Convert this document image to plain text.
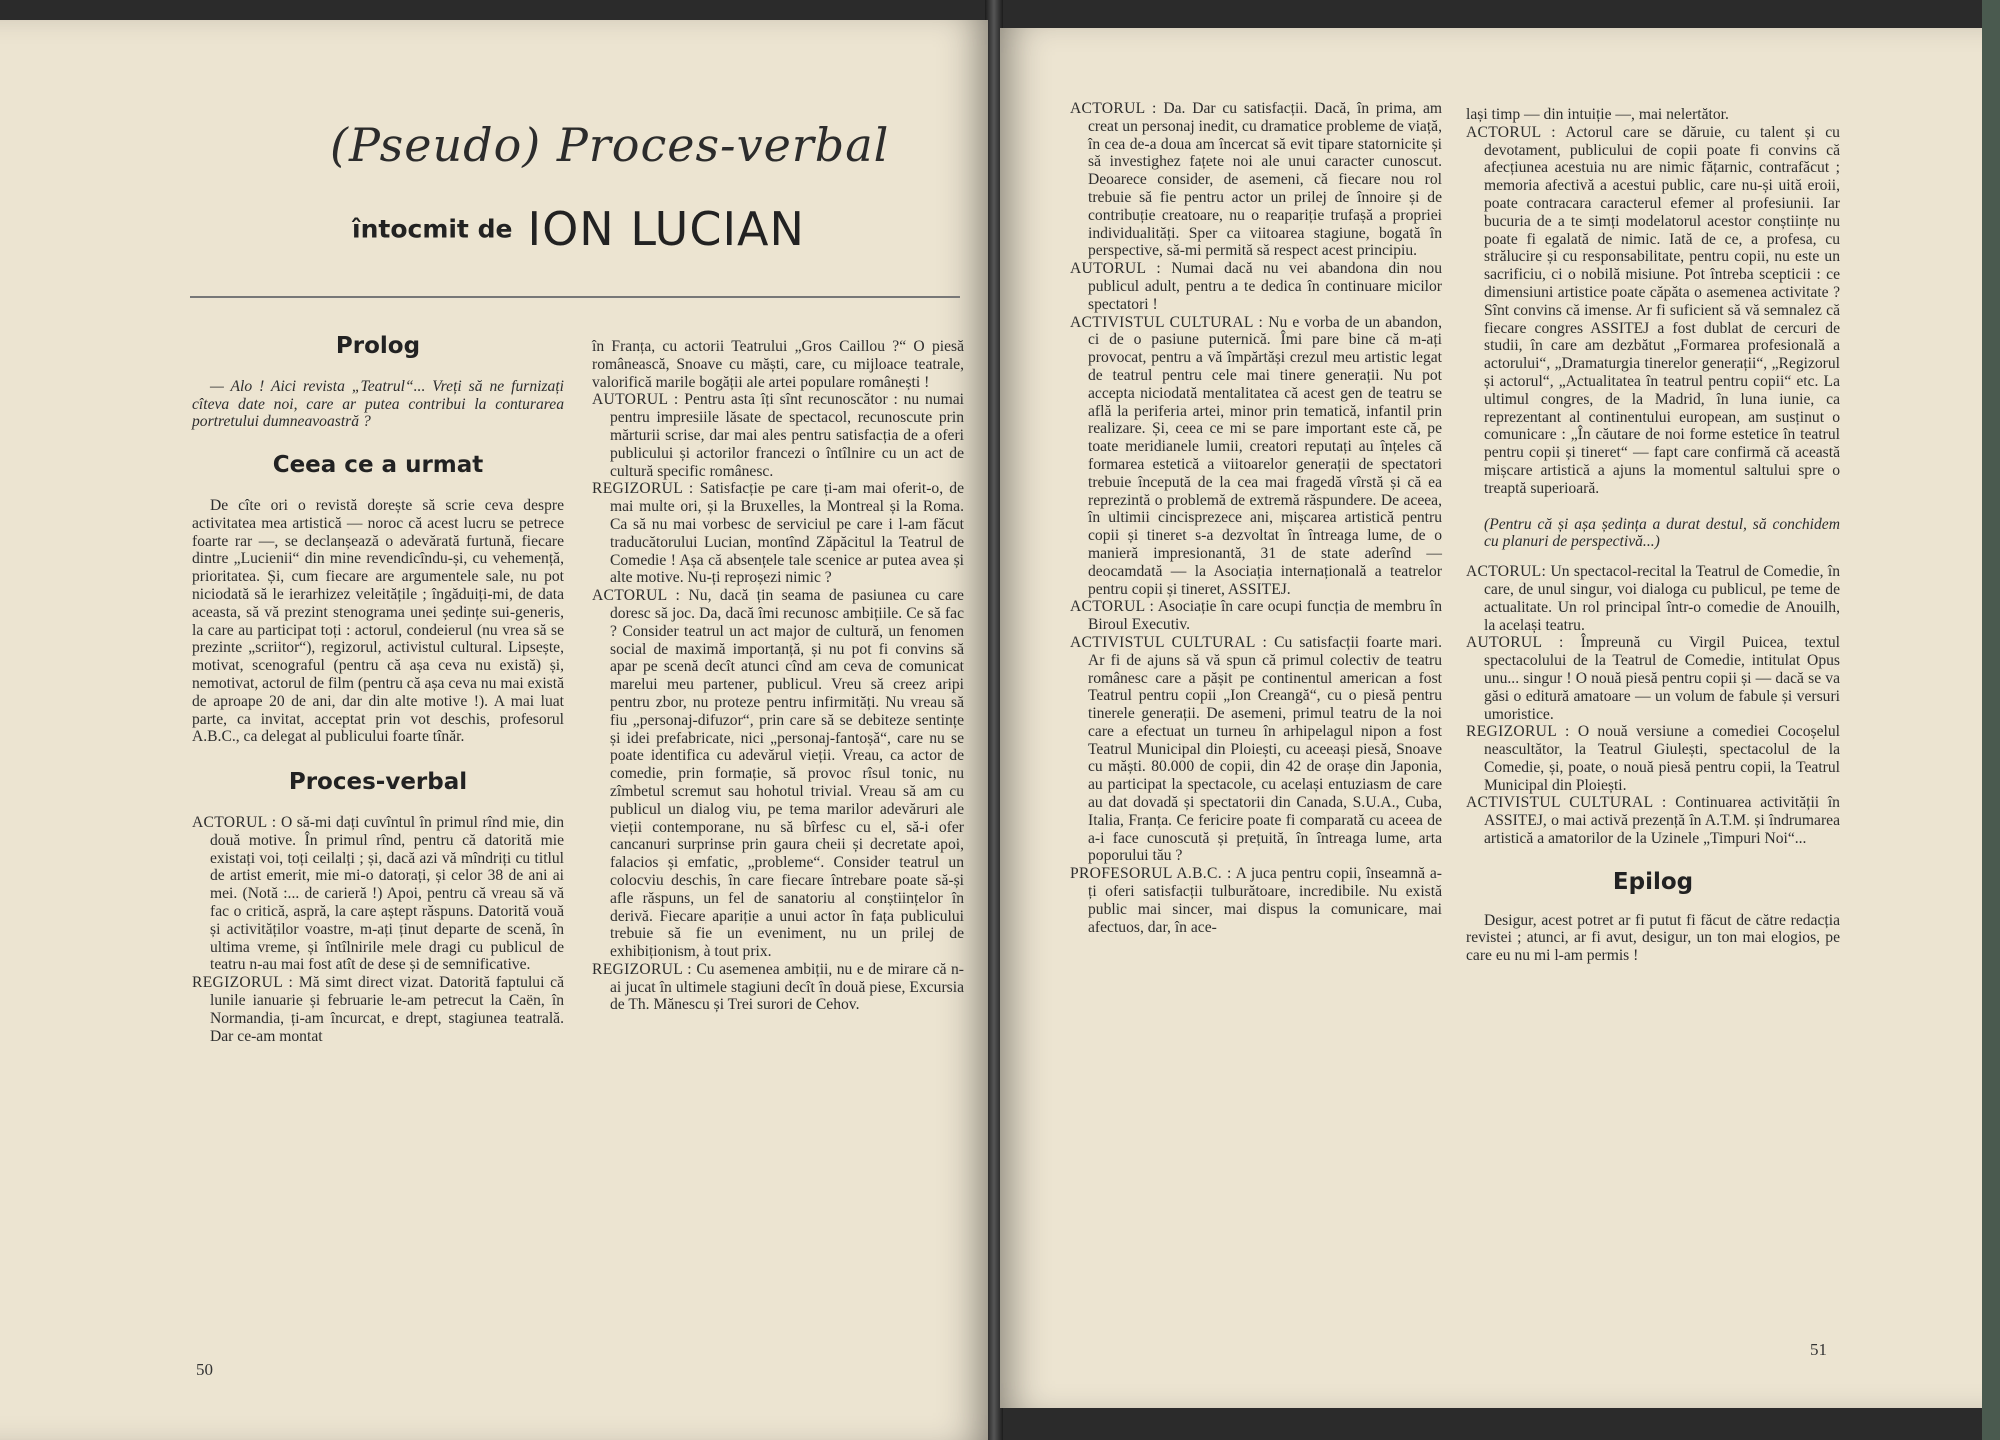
(Pseudo) Proces-verbal
întocmit de ION LUCIAN
Prolog

— Alo ! Aici revista „Teatrul“... Vreți să ne furnizați cîteva date noi, care ar putea contribui la conturarea portretului dumneavoastră ?

Ceea ce a urmat

De cîte ori o revistă dorește să scrie ceva despre activitatea mea artistică — noroc că acest lucru se petrece foarte rar —, se declanșează o adevărată furtună, fiecare dintre „Lucienii“ din mine revendicîndu-și, cu vehemență, prioritatea. Și, cum fiecare are argumentele sale, nu pot niciodată să le ierarhizez veleitățile ; îngăduiți-mi, de data aceasta, să vă prezint stenograma unei ședințe sui-generis, la care au participat toți : actorul, condeierul (nu vrea să se prezinte „scriitor“), regizorul, activistul cultural. Lipsește, motivat, scenograful (pentru că așa ceva nu există) și, nemotivat, actorul de film (pentru că așa ceva nu mai există de aproape 20 de ani, dar din alte motive !). A mai luat parte, ca invitat, acceptat prin vot deschis, profesorul A.B.C., ca delegat al publicului foarte tînăr.

Proces-verbal

ACTORUL : O să-mi dați cuvîntul în primul rînd mie, din două motive. În primul rînd, pentru că datorită mie existați voi, toți ceilalți ; și, dacă azi vă mîndriți cu titlul de artist emerit, mie mi-o datorați, și celor 38 de ani ai mei. (Notă :... de carieră !) Apoi, pentru că vreau să vă fac o critică, aspră, la care aștept răspuns. Datorită vouă și activităților voastre, m-ați ținut departe de scenă, în ultima vreme, și întîlnirile mele dragi cu publicul de teatru n-au mai fost atît de dese și de semnificative.

REGIZORUL : Mă simt direct vizat. Datorită faptului că lunile ianuarie și februarie le-am petrecut la Caën, în Normandia, ți-am încurcat, e drept, stagiunea teatrală. Dar ce-am montat

în Franța, cu actorii Teatrului „Gros Caillou ?“ O piesă românească, Snoave cu măști, care, cu mijloace teatrale, valorifică marile bogății ale artei populare românești !

AUTORUL : Pentru asta îți sînt recunoscător : nu numai pentru impresiile lăsate de spectacol, recunoscute prin mărturii scrise, dar mai ales pentru satisfacția de a oferi publicului și actorilor francezi o întîlnire cu un act de cultură specific românesc.

REGIZORUL : Satisfacție pe care ți-am mai oferit-o, de mai multe ori, și la Bruxelles, la Montreal și la Roma. Ca să nu mai vorbesc de serviciul pe care i l-am făcut traducătorului Lucian, montînd Zăpăcitul la Teatrul de Comedie ! Așa că absențele tale scenice ar putea avea și alte motive. Nu-ți reproșezi nimic ?

ACTORUL : Nu, dacă țin seama de pasiunea cu care doresc să joc. Da, dacă îmi recunosc ambițiile. Ce să fac ? Consider teatrul un act major de cultură, un fenomen social de maximă importanță, și nu pot fi convins să apar pe scenă decît atunci cînd am ceva de comunicat marelui meu partener, publicul. Vreu să creez aripi pentru zbor, nu proteze pentru infirmități. Nu vreau să fiu „personaj-difuzor“, prin care să se debiteze sentințe și idei prefabricate, nici „personaj-fantoșă“, care nu se poate identifica cu adevărul vieții. Vreau, ca actor de comedie, prin formație, să provoc rîsul tonic, nu zîmbetul scremut sau hohotul trivial. Vreau să am cu publicul un dialog viu, pe tema marilor adevăruri ale vieții contemporane, nu să bîrfesc cu el, să-i ofer cancanuri surprinse prin gaura cheii și decretate apoi, falacios și emfatic, „probleme“. Consider teatrul un colocviu deschis, în care fiecare întrebare poate să-și afle răspuns, un fel de sanatoriu al conștiințelor în derivă. Fiecare apariție a unui actor în fața publicului trebuie să fie un eveniment, nu un prilej de exhibiționism, à tout prix.

REGIZORUL : Cu asemenea ambiții, nu e de mirare că n-ai jucat în ultimele stagiuni decît în două piese, Excursia de Th. Mănescu și Trei surori de Cehov.

50

ACTORUL : Da. Dar cu satisfacții. Dacă, în prima, am creat un personaj inedit, cu dramatice probleme de viață, în cea de-a doua am încercat să evit tipare statornicite și să investighez fațete noi ale unui caracter cunoscut. Deoarece consider, de asemeni, că fiecare nou rol trebuie să fie pentru actor un prilej de înnoire și de contribuție creatoare, nu o reapariție trufașă a propriei individualități. Sper ca viitoarea stagiune, bogată în perspective, să-mi permită să respect acest principiu.

AUTORUL : Numai dacă nu vei abandona din nou publicul adult, pentru a te dedica în continuare micilor spectatori !

ACTIVISTUL CULTURAL : Nu e vorba de un abandon, ci de o pasiune puternică. Îmi pare bine că m-ați provocat, pentru a vă împărtăși crezul meu artistic legat de teatrul pentru cele mai tinere generații. Nu pot accepta niciodată mentalitatea că acest gen de teatru se află la periferia artei, minor prin tematică, infantil prin realizare. Și, ceea ce mi se pare important este că, pe toate meridianele lumii, creatori reputați au înțeles că formarea estetică a viitoarelor generații de spectatori trebuie începută de la cea mai fragedă vîrstă și că ea reprezintă o problemă de extremă răspundere. De aceea, în ultimii cincisprezece ani, mișcarea artistică pentru copii și tineret s-a dezvoltat în întreaga lume, de o manieră impresionantă, 31 de state aderînd — deocamdată — la Asociația internațională a teatrelor pentru copii și tineret, ASSITEJ.

ACTORUL : Asociație în care ocupi funcția de membru în Biroul Executiv.

ACTIVISTUL CULTURAL : Cu satisfacții foarte mari. Ar fi de ajuns să vă spun că primul colectiv de teatru românesc care a pășit pe continentul american a fost Teatrul pentru copii „Ion Creangă“, cu o piesă pentru tinerele generații. De asemeni, primul teatru de la noi care a efectuat un turneu în arhipelagul nipon a fost Teatrul Municipal din Ploiești, cu aceeași piesă, Snoave cu măști. 80.000 de copii, din 42 de orașe din Japonia, au participat la spectacole, cu același entuziasm de care au dat dovadă și spectatorii din Canada, S.U.A., Cuba, Italia, Franța. Ce fericire poate fi comparată cu aceea de a-i face cunoscută și prețuită, în întreaga lume, arta poporului tău ?

PROFESORUL A.B.C. : A juca pentru copii, înseamnă a-ți oferi satisfacții tulburătoare, incredibile. Nu există public mai sincer, mai dispus la comunicare, mai afectuos, dar, în ace-

lași timp — din intuiție —, mai nelertător.

ACTORUL : Actorul care se dăruie, cu talent și cu devotament, publicului de copii poate fi convins că afecțiunea acestuia nu are nimic fățarnic, contrafăcut ; memoria afectivă a acestui public, care nu-și uită eroii, poate contracara caracterul efemer al profesiunii. Iar bucuria de a te simți modelatorul acestor conștiințe nu poate fi egalată de nimic. Iată de ce, a profesa, cu strălucire și cu responsabilitate, pentru copii, nu este un sacrificiu, ci o nobilă misiune. Pot întreba scepticii : ce dimensiuni artistice poate căpăta o asemenea activitate ? Sînt convins că imense. Ar fi suficient să vă semnalez că fiecare congres ASSITEJ a fost dublat de cercuri de studii, în care am dezbătut „Formarea profesională a actorului“, „Dramaturgia tinerelor generații“, „Regizorul și actorul“, „Actualitatea în teatrul pentru copii“ etc. La ultimul congres, de la Madrid, în luna iunie, ca reprezentant al continentului european, am susținut o comunicare : „În căutare de noi forme estetice în teatrul pentru copii și tineret“ — fapt care confirmă că această mișcare artistică a ajuns la momentul saltului spre o treaptă superioară.

(Pentru că și așa ședința a durat destul, să conchidem cu planuri de perspectivă...)

ACTORUL: Un spectacol-recital la Teatrul de Comedie, în care, de unul singur, voi dialoga cu publicul, pe teme de actualitate. Un rol principal într-o comedie de Anouilh, la același teatru.

AUTORUL : Împreună cu Virgil Puicea, textul spectacolului de la Teatrul de Comedie, intitulat Opus unu... singur ! O nouă piesă pentru copii și — dacă se va găsi o editură amatoare — un volum de fabule și versuri umoristice.

REGIZORUL : O nouă versiune a comediei Cocoșelul neascultător, la Teatrul Giulești, spectacolul de la Comedie, și, poate, o nouă piesă pentru copii, la Teatrul Municipal din Ploiești.

ACTIVISTUL CULTURAL : Continuarea activității în ASSITEJ, o mai activă prezență în A.T.M. și îndrumarea artistică a amatorilor de la Uzinele „Timpuri Noi“...

Epilog

Desigur, acest potret ar fi putut fi făcut de către redacția revistei ; atunci, ar fi avut, desigur, un ton mai elogios, pe care eu nu mi l-am permis !

51
